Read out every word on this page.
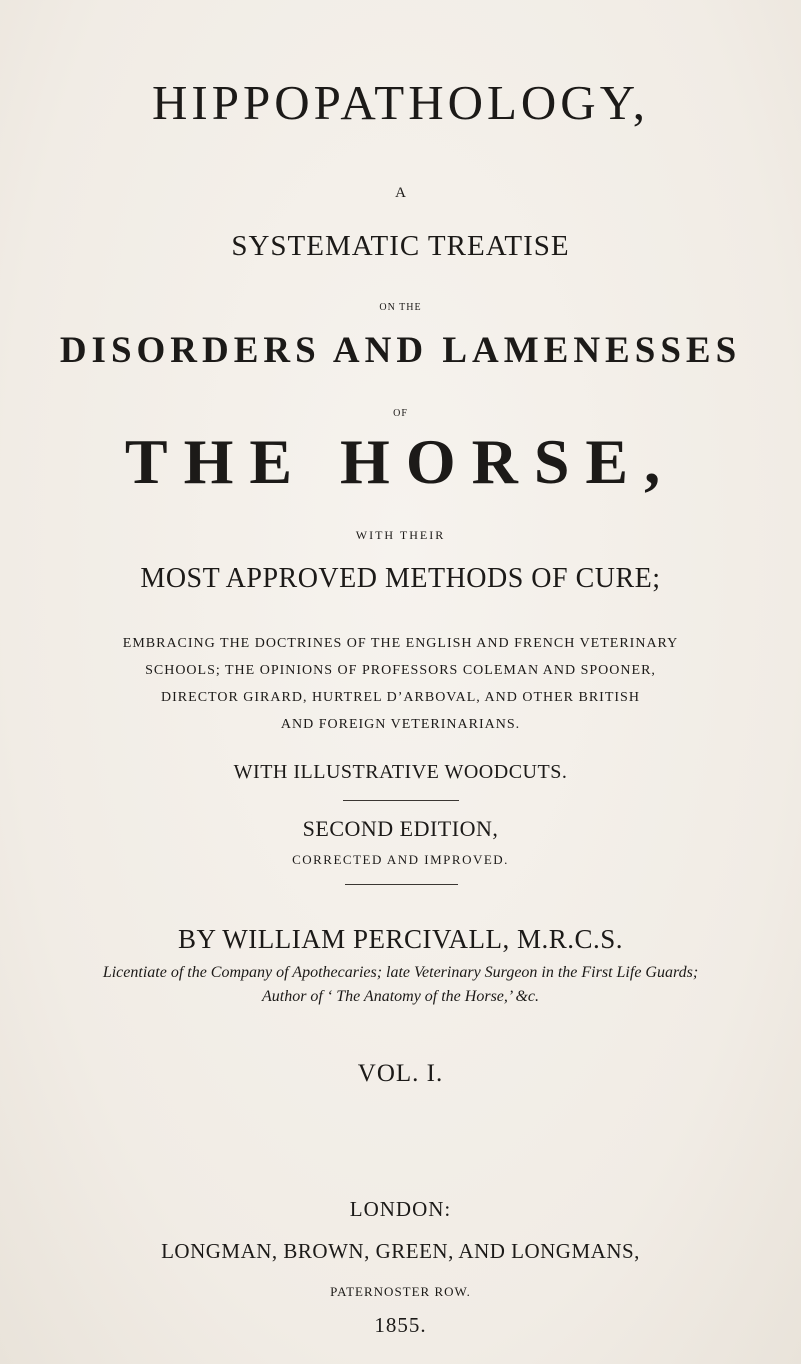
HIPPOPATHOLOGY,
A
SYSTEMATIC TREATISE
ON THE
DISORDERS AND LAMENESSES
OF
THE HORSE,
WITH THEIR
MOST APPROVED METHODS OF CURE;
EMBRACING THE DOCTRINES OF THE ENGLISH AND FRENCH VETERINARY
SCHOOLS; THE OPINIONS OF PROFESSORS COLEMAN AND SPOONER,
DIRECTOR GIRARD, HURTREL D’ARBOVAL, AND OTHER BRITISH
AND FOREIGN VETERINARIANS.
WITH ILLUSTRATIVE WOODCUTS.
SECOND EDITION,
CORRECTED AND IMPROVED.
BY WILLIAM PERCIVALL, M.R.C.S.
Licentiate of the Company of Apothecaries; late Veterinary Surgeon in the First Life Guards;
Author of ‘ The Anatomy of the Horse,’ &c.
VOL. I.
LONDON:
LONGMAN, BROWN, GREEN, AND LONGMANS,
PATERNOSTER ROW.
1855.
